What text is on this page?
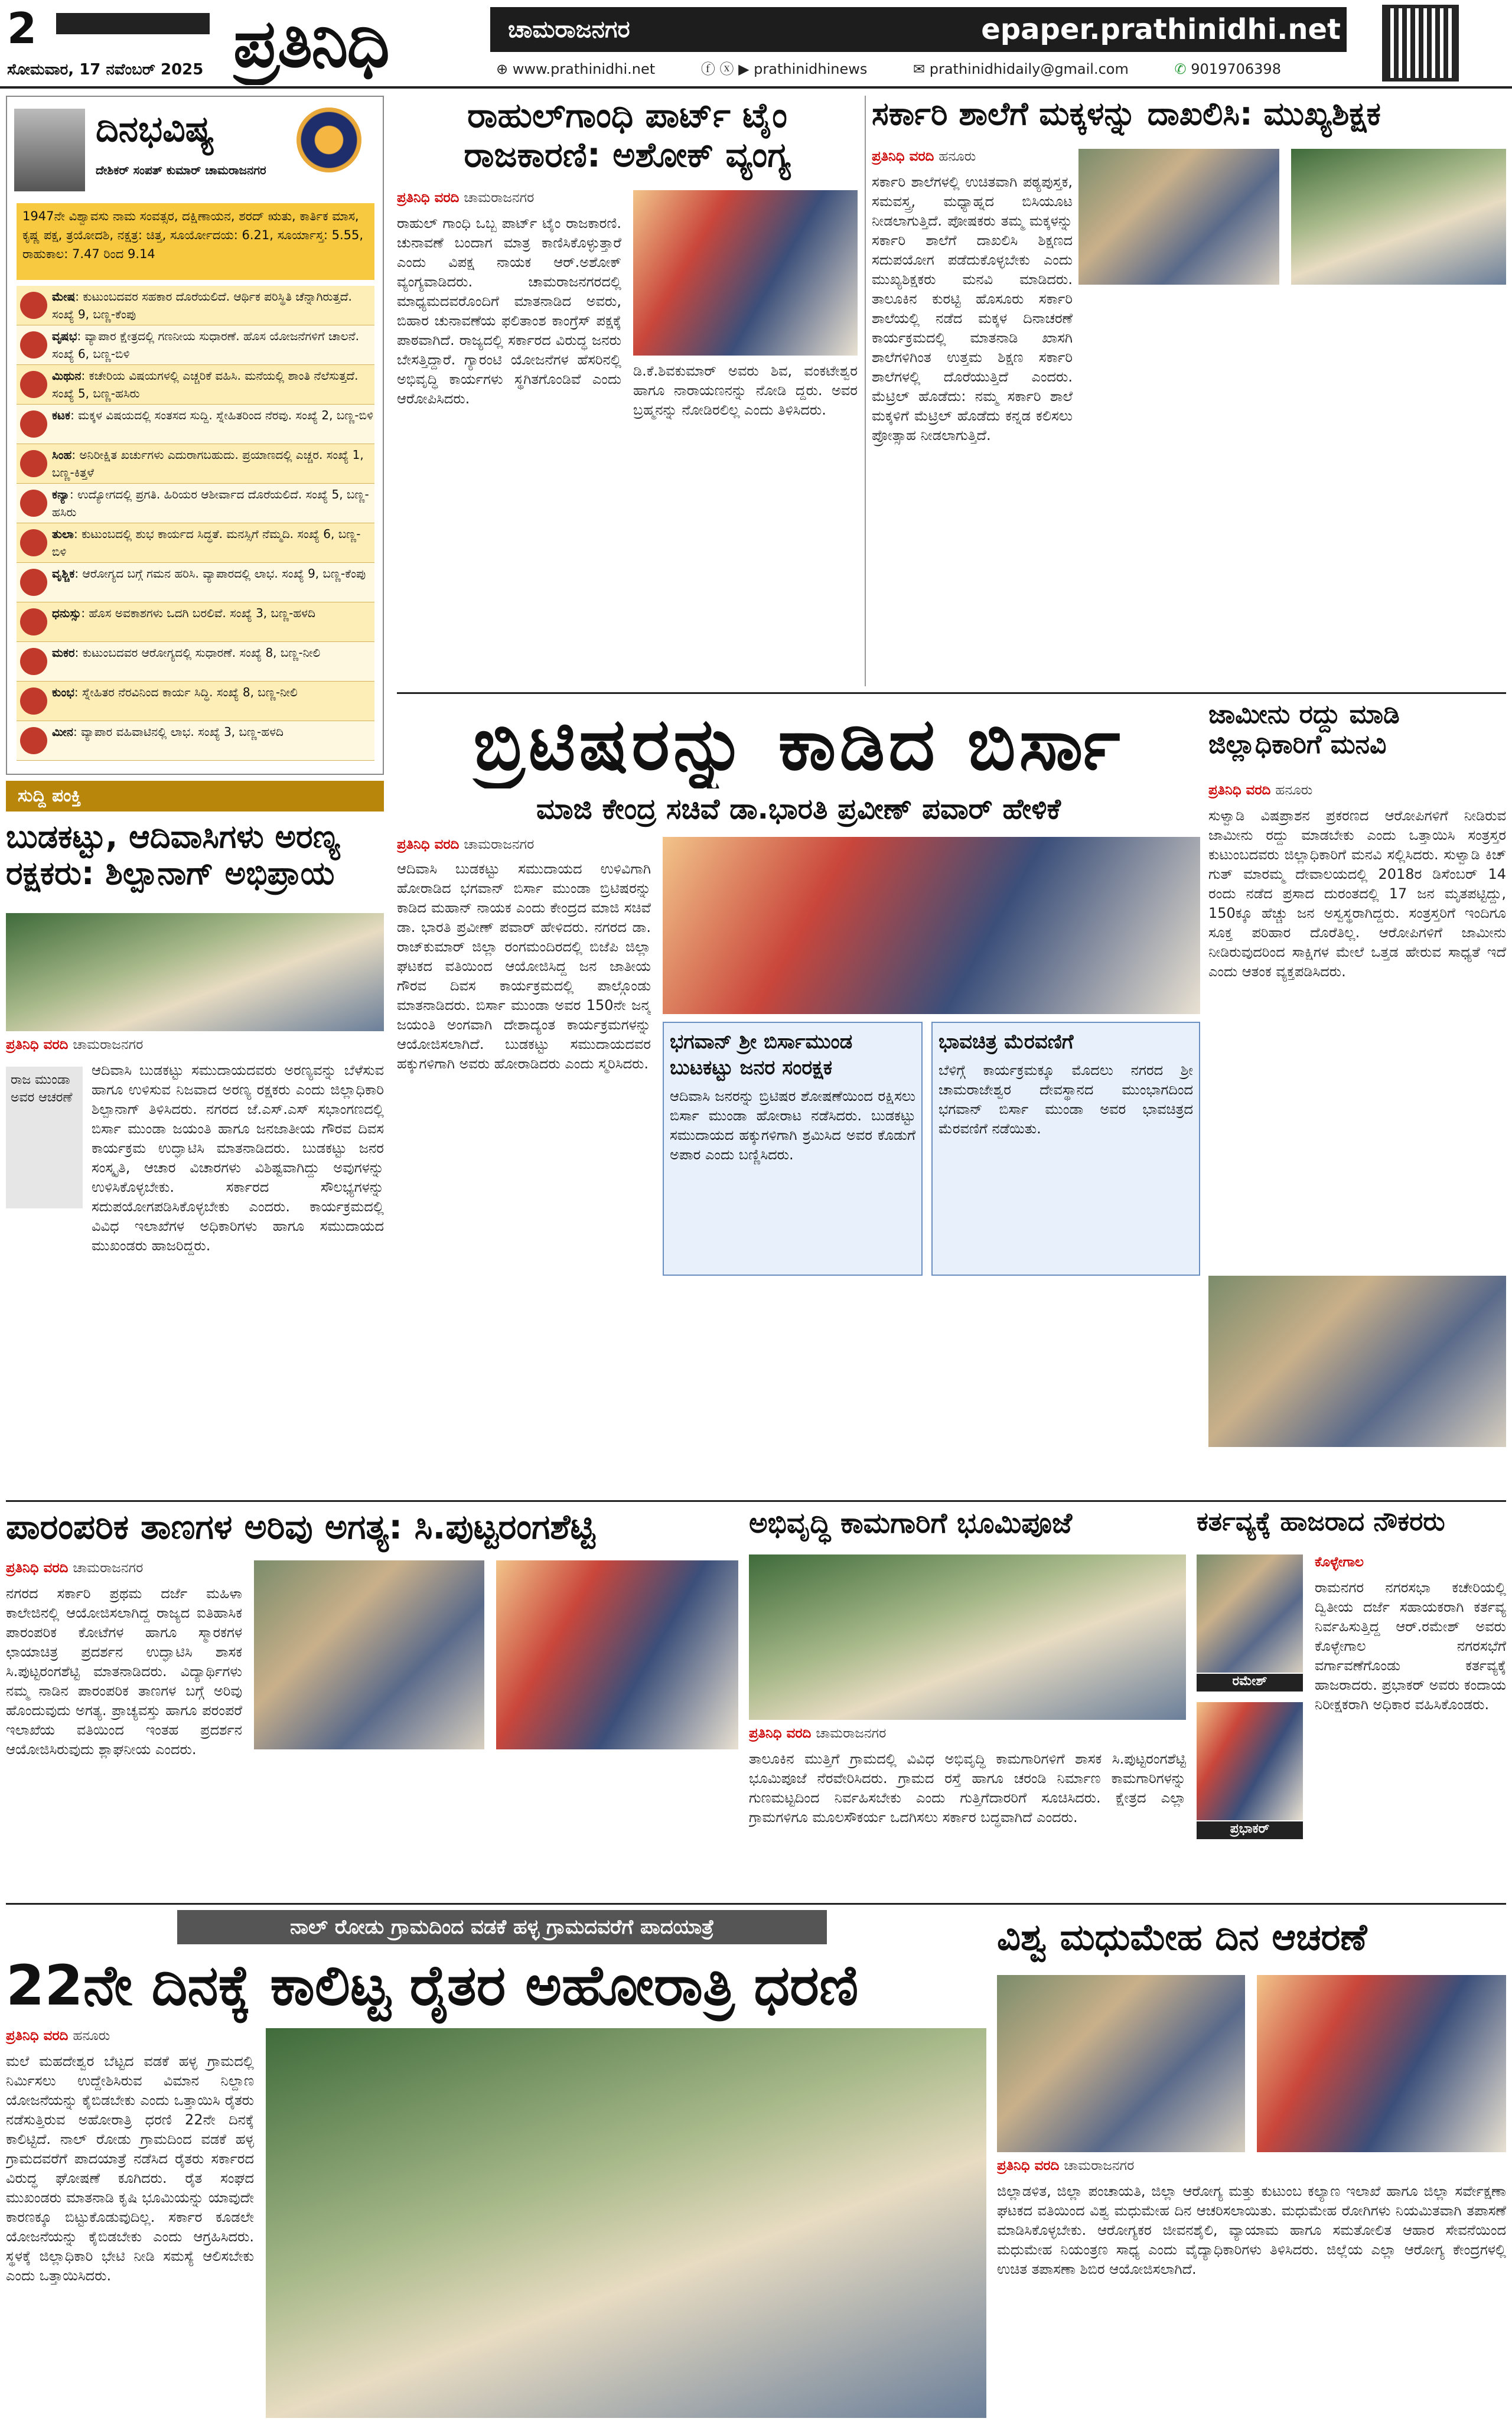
2
ಸೋಮವಾರ, 17 ನವೆಂಬರ್ 2025 ಪ್ರತಿನಿಧಿ	ಚಾಮರಾಜನಗರ	epaper.prathinidhi.net
⊕ www.prathinidhi.net	ⓕ ⓧ ▶ prathinidhinews	✉ prathinidhidaily@gmail.com	✆ 9019706398
ದಿನಭವಿಷ್ಯ
ದೇಶಿಕರ್ ಸಂಪತ್ ಕುಮಾರ್ ಚಾಮರಾಜನಗರ
1947ನೇ ವಿಶ್ವಾವಸು ನಾಮ ಸಂವತ್ಸರ, ದಕ್ಷಿಣಾಯನ, ಶರದ್ ಋತು, ಕಾರ್ತಿಕ ಮಾಸ, ಕೃಷ್ಣ ಪಕ್ಷ, ತ್ರಯೋದಶಿ, ನಕ್ಷತ್ರ: ಚಿತ್ತ, ಸೂರ್ಯೋದಯ: 6.21, ಸೂರ್ಯಾಸ್ತ: 5.55, ರಾಹುಕಾಲ: 7.47 ರಿಂದ 9.14
ಮೇಷ: ಕುಟುಂಬದವರ ಸಹಕಾರ ದೊರೆಯಲಿದೆ. ಆರ್ಥಿಕ ಪರಿಸ್ಥಿತಿ ಚೆನ್ನಾಗಿರುತ್ತದೆ. ಸಂಖ್ಯೆ 9, ಬಣ್ಣ-ಕೆಂಪು
ವೃಷಭ: ವ್ಯಾಪಾರ ಕ್ಷೇತ್ರದಲ್ಲಿ ಗಣನೀಯ ಸುಧಾರಣೆ. ಹೊಸ ಯೋಜನೆಗಳಿಗೆ ಚಾಲನೆ. ಸಂಖ್ಯೆ 6, ಬಣ್ಣ-ಬಿಳಿ
ಮಿಥುನ: ಕಚೇರಿಯ ವಿಷಯಗಳಲ್ಲಿ ಎಚ್ಚರಿಕೆ ವಹಿಸಿ. ಮನೆಯಲ್ಲಿ ಶಾಂತಿ ನೆಲೆಸುತ್ತದೆ. ಸಂಖ್ಯೆ 5, ಬಣ್ಣ-ಹಸಿರು
ಕಟಕ: ಮಕ್ಕಳ ವಿಷಯದಲ್ಲಿ ಸಂತಸದ ಸುದ್ದಿ. ಸ್ನೇಹಿತರಿಂದ ನೆರವು. ಸಂಖ್ಯೆ 2, ಬಣ್ಣ-ಬಿಳಿ
ಸಿಂಹ: ಅನಿರೀಕ್ಷಿತ ಖರ್ಚುಗಳು ಎದುರಾಗಬಹುದು. ಪ್ರಯಾಣದಲ್ಲಿ ಎಚ್ಚರ. ಸಂಖ್ಯೆ 1, ಬಣ್ಣ-ಕಿತ್ತಳೆ
ಕನ್ಯಾ: ಉದ್ಯೋಗದಲ್ಲಿ ಪ್ರಗತಿ. ಹಿರಿಯರ ಆಶೀರ್ವಾದ ದೊರೆಯಲಿದೆ. ಸಂಖ್ಯೆ 5, ಬಣ್ಣ-ಹಸಿರು
ತುಲಾ: ಕುಟುಂಬದಲ್ಲಿ ಶುಭ ಕಾರ್ಯದ ಸಿದ್ಧತೆ. ಮನಸ್ಸಿಗೆ ನೆಮ್ಮದಿ. ಸಂಖ್ಯೆ 6, ಬಣ್ಣ-ಬಿಳಿ
ವೃಶ್ಚಿಕ: ಆರೋಗ್ಯದ ಬಗ್ಗೆ ಗಮನ ಹರಿಸಿ. ವ್ಯಾಪಾರದಲ್ಲಿ ಲಾಭ. ಸಂಖ್ಯೆ 9, ಬಣ್ಣ-ಕೆಂಪು
ಧನುಸ್ಸು: ಹೊಸ ಅವಕಾಶಗಳು ಒದಗಿ ಬರಲಿವೆ. ಸಂಖ್ಯೆ 3, ಬಣ್ಣ-ಹಳದಿ
ಮಕರ: ಕುಟುಂಬದವರ ಆರೋಗ್ಯದಲ್ಲಿ ಸುಧಾರಣೆ. ಸಂಖ್ಯೆ 8, ಬಣ್ಣ-ನೀಲಿ
ಕುಂಭ: ಸ್ನೇಹಿತರ ನೆರವಿನಿಂದ ಕಾರ್ಯ ಸಿದ್ಧಿ. ಸಂಖ್ಯೆ 8, ಬಣ್ಣ-ನೀಲಿ
ಮೀನ: ವ್ಯಾಪಾರ ವಹಿವಾಟಿನಲ್ಲಿ ಲಾಭ. ಸಂಖ್ಯೆ 3, ಬಣ್ಣ-ಹಳದಿ
ಸುದ್ದಿ ಪಂಕ್ತಿ
ಬುಡಕಟ್ಟು, ಆದಿವಾಸಿಗಳು ಅರಣ್ಯ ರಕ್ಷಕರು: ಶಿಲ್ಪಾನಾಗ್ ಅಭಿಪ್ರಾಯ
ಪ್ರತಿನಿಧಿ ವರದಿ ಚಾಮರಾಜನಗರ
ರಾಜ ಮುಂಡಾ ಅವರ ಆಚರಣೆ
ಆದಿವಾಸಿ ಬುಡಕಟ್ಟು ಸಮುದಾಯದವರು ಅರಣ್ಯವನ್ನು ಬೆಳೆಸುವ ಹಾಗೂ ಉಳಿಸುವ ನಿಜವಾದ ಅರಣ್ಯ ರಕ್ಷಕರು ಎಂದು ಜಿಲ್ಲಾಧಿಕಾರಿ ಶಿಲ್ಪಾನಾಗ್ ತಿಳಿಸಿದರು. ನಗರದ ಜೆ.ಎಸ್.ಎಸ್ ಸಭಾಂಗಣದಲ್ಲಿ ಬಿರ್ಸಾ ಮುಂಡಾ ಜಯಂತಿ ಹಾಗೂ ಜನಜಾತೀಯ ಗೌರವ ದಿವಸ ಕಾರ್ಯಕ್ರಮ ಉದ್ಘಾಟಿಸಿ ಮಾತನಾಡಿದರು. ಬುಡಕಟ್ಟು ಜನರ ಸಂಸ್ಕೃತಿ, ಆಚಾರ ವಿಚಾರಗಳು ವಿಶಿಷ್ಟವಾಗಿದ್ದು ಅವುಗಳನ್ನು ಉಳಿಸಿಕೊಳ್ಳಬೇಕು. ಸರ್ಕಾರದ ಸೌಲಭ್ಯಗಳನ್ನು ಸದುಪಯೋಗಪಡಿಸಿಕೊಳ್ಳಬೇಕು ಎಂದರು. ಕಾರ್ಯಕ್ರಮದಲ್ಲಿ ವಿವಿಧ ಇಲಾಖೆಗಳ ಅಧಿಕಾರಿಗಳು ಹಾಗೂ ಸಮುದಾಯದ ಮುಖಂಡರು ಹಾಜರಿದ್ದರು.
ರಾಹುಲ್‌ಗಾಂಧಿ ಪಾರ್ಟ್ ಟೈಂ ರಾಜಕಾರಣಿ: ಅಶೋಕ್ ವ್ಯಂಗ್ಯ
ಪ್ರತಿನಿಧಿ ವರದಿ ಚಾಮರಾಜನಗರ
ರಾಹುಲ್ ಗಾಂಧಿ ಒಬ್ಬ ಪಾರ್ಟ್ ಟೈಂ ರಾಜಕಾರಣಿ. ಚುನಾವಣೆ ಬಂದಾಗ ಮಾತ್ರ ಕಾಣಿಸಿಕೊಳ್ಳುತ್ತಾರೆ ಎಂದು ವಿಪಕ್ಷ ನಾಯಕ ಆರ್.ಅಶೋಕ್ ವ್ಯಂಗ್ಯವಾಡಿದರು. ಚಾಮರಾಜನಗರದಲ್ಲಿ ಮಾಧ್ಯಮದವರೊಂದಿಗೆ ಮಾತನಾಡಿದ ಅವರು, ಬಿಹಾರ ಚುನಾವಣೆಯ ಫಲಿತಾಂಶ ಕಾಂಗ್ರೆಸ್ ಪಕ್ಷಕ್ಕೆ ಪಾಠವಾಗಿದೆ. ರಾಜ್ಯದಲ್ಲಿ ಸರ್ಕಾರದ ವಿರುದ್ಧ ಜನರು ಬೇಸತ್ತಿದ್ದಾರೆ. ಗ್ಯಾರಂಟಿ ಯೋಜನೆಗಳ ಹೆಸರಿನಲ್ಲಿ ಅಭಿವೃದ್ಧಿ ಕಾರ್ಯಗಳು ಸ್ಥಗಿತಗೊಂಡಿವೆ ಎಂದು ಆರೋಪಿಸಿದರು.
ಡಿ.ಕೆ.ಶಿವಕುಮಾರ್ ಅವರು ಶಿವ, ವಂಕಟೇಶ್ವರ ಹಾಗೂ ನಾರಾಯಣನನ್ನು ನೋಡಿ ದ್ದರು. ಅವರ ಬ್ರಹ್ಮನನ್ನು ನೋಡಿರಲಿಲ್ಲ ಎಂದು ತಿಳಿಸಿದರು.
ಸರ್ಕಾರಿ ಶಾಲೆಗೆ ಮಕ್ಕಳನ್ನು ದಾಖಲಿಸಿ: ಮುಖ್ಯಶಿಕ್ಷಕ
ಪ್ರತಿನಿಧಿ ವರದಿ ಹನೂರು
ಸರ್ಕಾರಿ ಶಾಲೆಗಳಲ್ಲಿ ಉಚಿತವಾಗಿ ಪಠ್ಯಪುಸ್ತಕ, ಸಮವಸ್ತ್ರ, ಮಧ್ಯಾಹ್ನದ ಬಿಸಿಯೂಟ ನೀಡಲಾಗುತ್ತಿದೆ. ಪೋಷಕರು ತಮ್ಮ ಮಕ್ಕಳನ್ನು ಸರ್ಕಾರಿ ಶಾಲೆಗೆ ದಾಖಲಿಸಿ ಶಿಕ್ಷಣದ ಸದುಪಯೋಗ ಪಡೆದುಕೊಳ್ಳಬೇಕು ಎಂದು ಮುಖ್ಯಶಿಕ್ಷಕರು ಮನವಿ ಮಾಡಿದರು. ತಾಲೂಕಿನ ಕುರಟ್ಟಿ ಹೊಸೂರು ಸರ್ಕಾರಿ ಶಾಲೆಯಲ್ಲಿ ನಡೆದ ಮಕ್ಕಳ ದಿನಾಚರಣೆ ಕಾರ್ಯಕ್ರಮದಲ್ಲಿ ಮಾತನಾಡಿ ಖಾಸಗಿ ಶಾಲೆಗಳಿಗಿಂತ ಉತ್ತಮ ಶಿಕ್ಷಣ ಸರ್ಕಾರಿ ಶಾಲೆಗಳಲ್ಲಿ ದೊರೆಯುತ್ತಿದೆ ಎಂದರು. ಮೆಟ್ರಿಲ್ ಹೊಡೆದು: ನಮ್ಮ ಸರ್ಕಾರಿ ಶಾಲೆ ಮಕ್ಕಳಿಗೆ ಮೆಟ್ರಿಲ್ ಹೊಡೆದು ಕನ್ನಡ ಕಲಿಸಲು ಪ್ರೋತ್ಸಾಹ ನೀಡಲಾಗುತ್ತಿದೆ.
ಬ್ರಿಟಿಷರನ್ನು ಕಾಡಿದ ಬಿರ್ಸಾ
ಮಾಜಿ ಕೇಂದ್ರ ಸಚಿವೆ ಡಾ.ಭಾರತಿ ಪ್ರವೀಣ್ ಪವಾರ್ ಹೇಳಿಕೆ
ಪ್ರತಿನಿಧಿ ವರದಿ ಚಾಮರಾಜನಗರ
ಆದಿವಾಸಿ ಬುಡಕಟ್ಟು ಸಮುದಾಯದ ಉಳಿವಿಗಾಗಿ ಹೋರಾಡಿದ ಭಗವಾನ್ ಬಿರ್ಸಾ ಮುಂಡಾ ಬ್ರಿಟಿಷರನ್ನು ಕಾಡಿದ ಮಹಾನ್ ನಾಯಕ ಎಂದು ಕೇಂದ್ರದ ಮಾಜಿ ಸಚಿವೆ ಡಾ. ಭಾರತಿ ಪ್ರವೀಣ್ ಪವಾರ್ ಹೇಳಿದರು. ನಗರದ ಡಾ. ರಾಜ್‌ಕುಮಾರ್ ಜಿಲ್ಲಾ ರಂಗಮಂದಿರದಲ್ಲಿ ಬಿಜೆಪಿ ಜಿಲ್ಲಾ ಘಟಕದ ವತಿಯಿಂದ ಆಯೋಜಿಸಿದ್ದ ಜನ ಜಾತೀಯ ಗೌರವ ದಿವಸ ಕಾರ್ಯಕ್ರಮದಲ್ಲಿ ಪಾಲ್ಗೊಂಡು ಮಾತನಾಡಿದರು. ಬಿರ್ಸಾ ಮುಂಡಾ ಅವರ 150ನೇ ಜನ್ಮ ಜಯಂತಿ ಅಂಗವಾಗಿ ದೇಶಾದ್ಯಂತ ಕಾರ್ಯಕ್ರಮಗಳನ್ನು ಆಯೋಜಿಸಲಾಗಿದೆ. ಬುಡಕಟ್ಟು ಸಮುದಾಯದವರ ಹಕ್ಕುಗಳಿಗಾಗಿ ಅವರು ಹೋರಾಡಿದರು ಎಂದು ಸ್ಮರಿಸಿದರು.
ಭಗವಾನ್ ಶ್ರೀ ಬಿರ್ಸಾಮುಂಡ ಬುಟಕಟ್ಟು ಜನರ ಸಂರಕ್ಷಕ
ಆದಿವಾಸಿ ಜನರನ್ನು ಬ್ರಿಟಿಷರ ಶೋಷಣೆಯಿಂದ ರಕ್ಷಿಸಲು ಬಿರ್ಸಾ ಮುಂಡಾ ಹೋರಾಟ ನಡೆಸಿದರು. ಬುಡಕಟ್ಟು ಸಮುದಾಯದ ಹಕ್ಕುಗಳಿಗಾಗಿ ಶ್ರಮಿಸಿದ ಅವರ ಕೊಡುಗೆ ಅಪಾರ ಎಂದು ಬಣ್ಣಿಸಿದರು.
ಭಾವಚಿತ್ರ ಮೆರವಣಿಗೆ
ಬೆಳಿಗ್ಗೆ ಕಾರ್ಯಕ್ರಮಕ್ಕೂ ಮೊದಲು ನಗರದ ಶ್ರೀ ಚಾಮರಾಜೇಶ್ವರ ದೇವಸ್ಥಾನದ ಮುಂಭಾಗದಿಂದ ಭಗವಾನ್ ಬಿರ್ಸಾ ಮುಂಡಾ ಅವರ ಭಾವಚಿತ್ರದ ಮೆರವಣಿಗೆ ನಡೆಯಿತು.
ಜಾಮೀನು ರದ್ದು ಮಾಡಿ ಜಿಲ್ಲಾಧಿಕಾರಿಗೆ ಮನವಿ
ಪ್ರತಿನಿಧಿ ವರದಿ ಹನೂರು
ಸುಳ್ವಾಡಿ ವಿಷಪ್ರಾಶನ ಪ್ರಕರಣದ ಆರೋಪಿಗಳಿಗೆ ನೀಡಿರುವ ಜಾಮೀನು ರದ್ದು ಮಾಡಬೇಕು ಎಂದು ಒತ್ತಾಯಿಸಿ ಸಂತ್ರಸ್ತರ ಕುಟುಂಬದವರು ಜಿಲ್ಲಾಧಿಕಾರಿಗೆ ಮನವಿ ಸಲ್ಲಿಸಿದರು. ಸುಳ್ವಾಡಿ ಕಿಚ್ ಗುತ್ ಮಾರಮ್ಮ ದೇವಾಲಯದಲ್ಲಿ 2018ರ ಡಿಸೆಂಬರ್ 14 ರಂದು ನಡೆದ ಪ್ರಸಾದ ದುರಂತದಲ್ಲಿ 17 ಜನ ಮೃತಪಟ್ಟಿದ್ದು, 150ಕ್ಕೂ ಹೆಚ್ಚು ಜನ ಅಸ್ವಸ್ಥರಾಗಿದ್ದರು. ಸಂತ್ರಸ್ತರಿಗೆ ಇಂದಿಗೂ ಸೂಕ್ತ ಪರಿಹಾರ ದೊರೆತಿಲ್ಲ. ಆರೋಪಿಗಳಿಗೆ ಜಾಮೀನು ನೀಡಿರುವುದರಿಂದ ಸಾಕ್ಷಿಗಳ ಮೇಲೆ ಒತ್ತಡ ಹೇರುವ ಸಾಧ್ಯತೆ ಇದೆ ಎಂದು ಆತಂಕ ವ್ಯಕ್ತಪಡಿಸಿದರು.
ಪಾರಂಪರಿಕ ತಾಣಗಳ ಅರಿವು ಅಗತ್ಯ: ಸಿ.ಪುಟ್ಟರಂಗಶೆಟ್ಟಿ
ಪ್ರತಿನಿಧಿ ವರದಿ ಚಾಮರಾಜನಗರ
ನಗರದ ಸರ್ಕಾರಿ ಪ್ರಥಮ ದರ್ಜೆ ಮಹಿಳಾ ಕಾಲೇಜಿನಲ್ಲಿ ಆಯೋಜಿಸಲಾಗಿದ್ದ ರಾಜ್ಯದ ಐತಿಹಾಸಿಕ ಪಾರಂಪರಿಕ ಕೋಟೆಗಳ ಹಾಗೂ ಸ್ಮಾರಕಗಳ ಛಾಯಾಚಿತ್ರ ಪ್ರದರ್ಶನ ಉದ್ಘಾಟಿಸಿ ಶಾಸಕ ಸಿ.ಪುಟ್ಟರಂಗಶೆಟ್ಟಿ ಮಾತನಾಡಿದರು. ವಿದ್ಯಾರ್ಥಿಗಳು ನಮ್ಮ ನಾಡಿನ ಪಾರಂಪರಿಕ ತಾಣಗಳ ಬಗ್ಗೆ ಅರಿವು ಹೊಂದುವುದು ಅಗತ್ಯ. ಪ್ರಾಚ್ಯವಸ್ತು ಹಾಗೂ ಪರಂಪರೆ ಇಲಾಖೆಯ ವತಿಯಿಂದ ಇಂತಹ ಪ್ರದರ್ಶನ ಆಯೋಜಿಸಿರುವುದು ಶ್ಲಾಘನೀಯ ಎಂದರು.
ಅಭಿವೃದ್ಧಿ ಕಾಮಗಾರಿಗೆ ಭೂಮಿಪೂಜೆ
ಪ್ರತಿನಿಧಿ ವರದಿ ಚಾಮರಾಜನಗರ
ತಾಲೂಕಿನ ಮುತ್ತಿಗೆ ಗ್ರಾಮದಲ್ಲಿ ವಿವಿಧ ಅಭಿವೃದ್ಧಿ ಕಾಮಗಾರಿಗಳಿಗೆ ಶಾಸಕ ಸಿ.ಪುಟ್ಟರಂಗಶೆಟ್ಟಿ ಭೂಮಿಪೂಜೆ ನೆರವೇರಿಸಿದರು. ಗ್ರಾಮದ ರಸ್ತೆ ಹಾಗೂ ಚರಂಡಿ ನಿರ್ಮಾಣ ಕಾಮಗಾರಿಗಳನ್ನು ಗುಣಮಟ್ಟದಿಂದ ನಿರ್ವಹಿಸಬೇಕು ಎಂದು ಗುತ್ತಿಗೆದಾರರಿಗೆ ಸೂಚಿಸಿದರು. ಕ್ಷೇತ್ರದ ಎಲ್ಲಾ ಗ್ರಾಮಗಳಿಗೂ ಮೂಲಸೌಕರ್ಯ ಒದಗಿಸಲು ಸರ್ಕಾರ ಬದ್ಧವಾಗಿದೆ ಎಂದರು.
ಕರ್ತವ್ಯಕ್ಕೆ ಹಾಜರಾದ ನೌಕರರು
ಕೊಳ್ಳೇಗಾಲ
ರಮೇಶ್
ಪ್ರಭಾಕರ್
ರಾಮನಗರ ನಗರಸಭಾ ಕಚೇರಿಯಲ್ಲಿ ದ್ವಿತೀಯ ದರ್ಜೆ ಸಹಾಯಕರಾಗಿ ಕರ್ತವ್ಯ ನಿರ್ವಹಿಸುತ್ತಿದ್ದ ಆರ್.ರಮೇಶ್ ಅವರು ಕೊಳ್ಳೇಗಾಲ ನಗರಸಭೆಗೆ ವರ್ಗಾವಣೆಗೊಂಡು ಕರ್ತವ್ಯಕ್ಕೆ ಹಾಜರಾದರು. ಪ್ರಭಾಕರ್ ಅವರು ಕಂದಾಯ ನಿರೀಕ್ಷಕರಾಗಿ ಅಧಿಕಾರ ವಹಿಸಿಕೊಂಡರು.
ನಾಲ್ ರೋಡು ಗ್ರಾಮದಿಂದ ವಡಕೆ ಹಳ್ಳ ಗ್ರಾಮದವರೆಗೆ ಪಾದಯಾತ್ರೆ
22ನೇ ದಿನಕ್ಕೆ ಕಾಲಿಟ್ಟ ರೈತರ ಅಹೋರಾತ್ರಿ ಧರಣಿ
ಪ್ರತಿನಿಧಿ ವರದಿ ಹನೂರು
ಮಲೆ ಮಹದೇಶ್ವರ ಬೆಟ್ಟದ ವಡಕೆ ಹಳ್ಳ ಗ್ರಾಮದಲ್ಲಿ ನಿರ್ಮಿಸಲು ಉದ್ದೇಶಿಸಿರುವ ವಿಮಾನ ನಿಲ್ದಾಣ ಯೋಜನೆಯನ್ನು ಕೈಬಿಡಬೇಕು ಎಂದು ಒತ್ತಾಯಿಸಿ ರೈತರು ನಡೆಸುತ್ತಿರುವ ಅಹೋರಾತ್ರಿ ಧರಣಿ 22ನೇ ದಿನಕ್ಕೆ ಕಾಲಿಟ್ಟಿದೆ. ನಾಲ್ ರೋಡು ಗ್ರಾಮದಿಂದ ವಡಕೆ ಹಳ್ಳ ಗ್ರಾಮದವರೆಗೆ ಪಾದಯಾತ್ರೆ ನಡೆಸಿದ ರೈತರು ಸರ್ಕಾರದ ವಿರುದ್ಧ ಘೋಷಣೆ ಕೂಗಿದರು. ರೈತ ಸಂಘದ ಮುಖಂಡರು ಮಾತನಾಡಿ ಕೃಷಿ ಭೂಮಿಯನ್ನು ಯಾವುದೇ ಕಾರಣಕ್ಕೂ ಬಿಟ್ಟುಕೊಡುವುದಿಲ್ಲ. ಸರ್ಕಾರ ಕೂಡಲೇ ಯೋಜನೆಯನ್ನು ಕೈಬಿಡಬೇಕು ಎಂದು ಆಗ್ರಹಿಸಿದರು. ಸ್ಥಳಕ್ಕೆ ಜಿಲ್ಲಾಧಿಕಾರಿ ಭೇಟಿ ನೀಡಿ ಸಮಸ್ಯೆ ಆಲಿಸಬೇಕು ಎಂದು ಒತ್ತಾಯಿಸಿದರು.
ವಿಶ್ವ ಮಧುಮೇಹ ದಿನ ಆಚರಣೆ
ಪ್ರತಿನಿಧಿ ವರದಿ ಚಾಮರಾಜನಗರ
ಜಿಲ್ಲಾಡಳಿತ, ಜಿಲ್ಲಾ ಪಂಚಾಯತಿ, ಜಿಲ್ಲಾ ಆರೋಗ್ಯ ಮತ್ತು ಕುಟುಂಬ ಕಲ್ಯಾಣ ಇಲಾಖೆ ಹಾಗೂ ಜಿಲ್ಲಾ ಸರ್ವೇಕ್ಷಣಾ ಘಟಕದ ವತಿಯಿಂದ ವಿಶ್ವ ಮಧುಮೇಹ ದಿನ ಆಚರಿಸಲಾಯಿತು. ಮಧುಮೇಹ ರೋಗಿಗಳು ನಿಯಮಿತವಾಗಿ ತಪಾಸಣೆ ಮಾಡಿಸಿಕೊಳ್ಳಬೇಕು. ಆರೋಗ್ಯಕರ ಜೀವನಶೈಲಿ, ವ್ಯಾಯಾಮ ಹಾಗೂ ಸಮತೋಲಿತ ಆಹಾರ ಸೇವನೆಯಿಂದ ಮಧುಮೇಹ ನಿಯಂತ್ರಣ ಸಾಧ್ಯ ಎಂದು ವೈದ್ಯಾಧಿಕಾರಿಗಳು ತಿಳಿಸಿದರು. ಜಿಲ್ಲೆಯ ಎಲ್ಲಾ ಆರೋಗ್ಯ ಕೇಂದ್ರಗಳಲ್ಲಿ ಉಚಿತ ತಪಾಸಣಾ ಶಿಬಿರ ಆಯೋಜಿಸಲಾಗಿದೆ.
